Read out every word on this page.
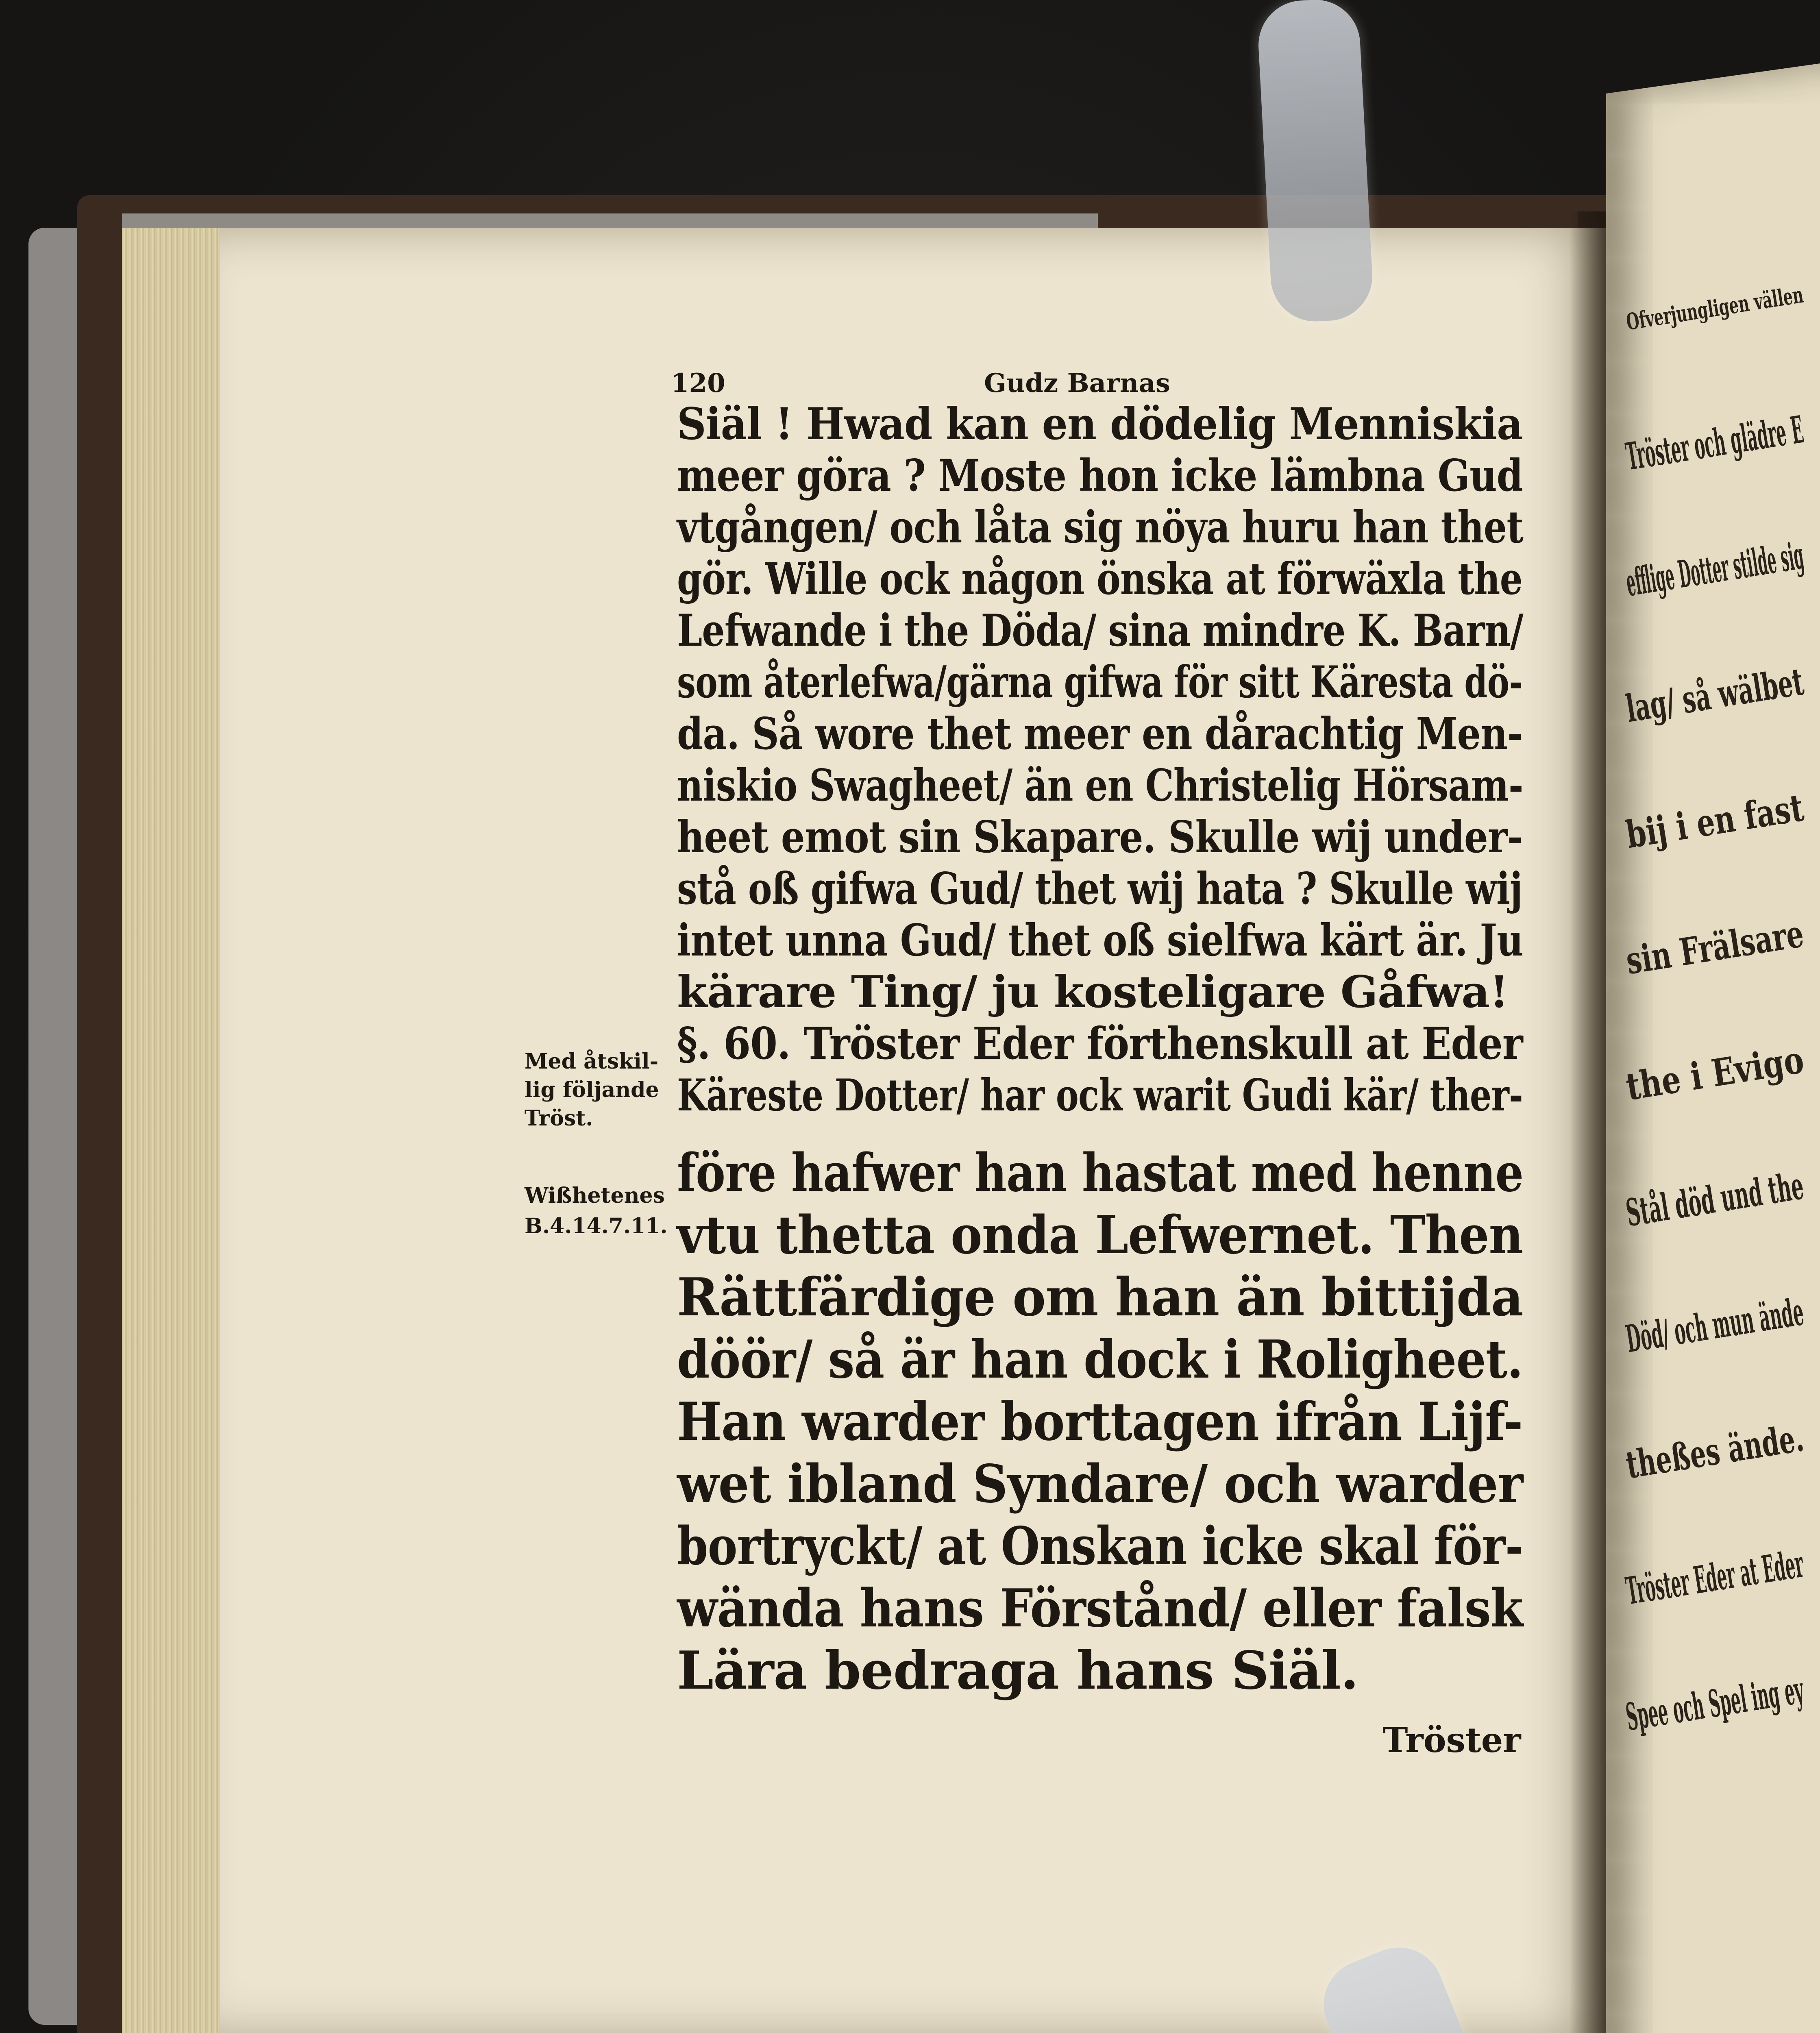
Ofverjungligen vällen
Tröster och glädre E
efflige Dotter stilde sig
lag/ så wälbet
bij i en fast
sin Frälsare
the i Evigo
Stål död und the
Död/ och mun ände
theßes ände.
Tröster Eder at Eder
Spee och Spel ing ey
120	Gudz Barnas
Siäl ! Hwad kan en dödelig Menniskia
meer göra ? Moste hon icke lämbna Gud
vtgången/ och låta sig nöya huru han thet
gör. Wille ock någon önska at förwäxla the
Lefwande i the Döda/ sina mindre K. Barn/
som återlefwa/gärna gifwa för sitt Käresta dö-
da. Så wore thet meer en dårachtig Men-
niskio Swagheet/ än en Christelig Hörsam-
heet emot sin Skapare. Skulle wij under-
stå oß gifwa Gud/ thet wij hata ? Skulle wij
intet unna Gud/ thet oß sielfwa kärt är. Ju
kärare Ting/ ju kosteligare Gåfwa!
§. 60. Tröster Eder förthenskull at Eder
Käreste Dotter/ har ock warit Gudi kär/ ther-
före hafwer han hastat med henne
vtu thetta onda Lefwernet. Then
Rättfärdige om han än bittijda
döör/ så är han dock i Roligheet.
Han warder borttagen ifrån Lijf-
wet ibland Syndare/ och warder
bortryckt/ at Onskan icke skal för-
wända hans Förstånd/ eller falsk
Lära bedraga hans Siäl.
Med åtskil-
lig följande
Tröst.
Wißhetenes
B.4.14.7.11.
Tröster
